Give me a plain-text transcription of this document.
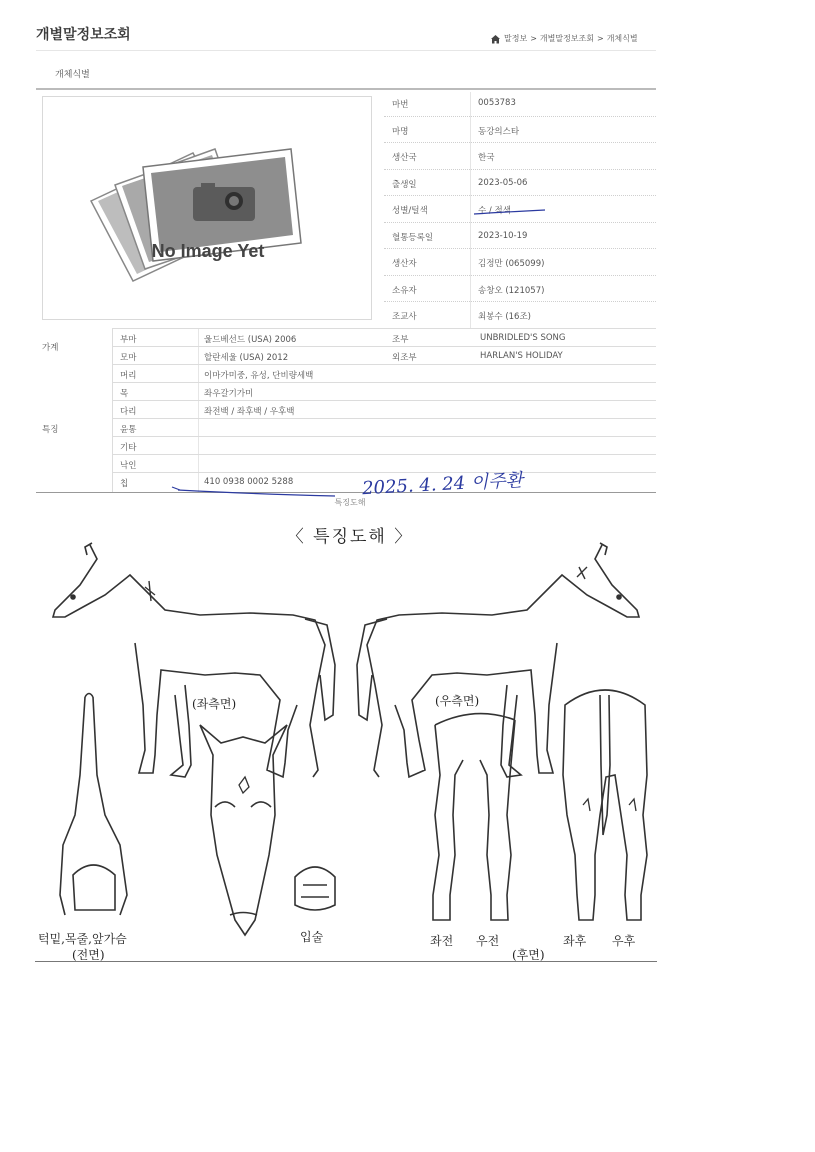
개별말정보조회	말정보 > 개별말정보조회 > 개체식별
개체식별
No Image Yet
마번	0053783
마명	동강의스타
생산국	한국
출생일	2023-05-06
성별/털색	수 / 적색
혈통등록일	2023-10-19
생산자	김정만 (065099)
소유자	송창오 (121057)
조교사	최봉수 (16조)
가계
부마	울드베선드 (USA) 2006	조부	UNBRIDLED'S SONG
모마	할란세울 (USA) 2012	외조부	HARLAN'S HOLIDAY
특징
머리	이마가미중, 유성, 단비량세백
목	좌우갈기가미
다리	좌전백 / 좌후백 / 우후백
윤통
기타
낙인
칩	410 0938 0002 5288	2025. 4. 24 이주환
특징도해
〈 특징도해 〉
(좌측면)	(우측면)
턱밑,목줄,앞가슴
(전면)
입술	좌전 우전
(후면)
좌후 우후
